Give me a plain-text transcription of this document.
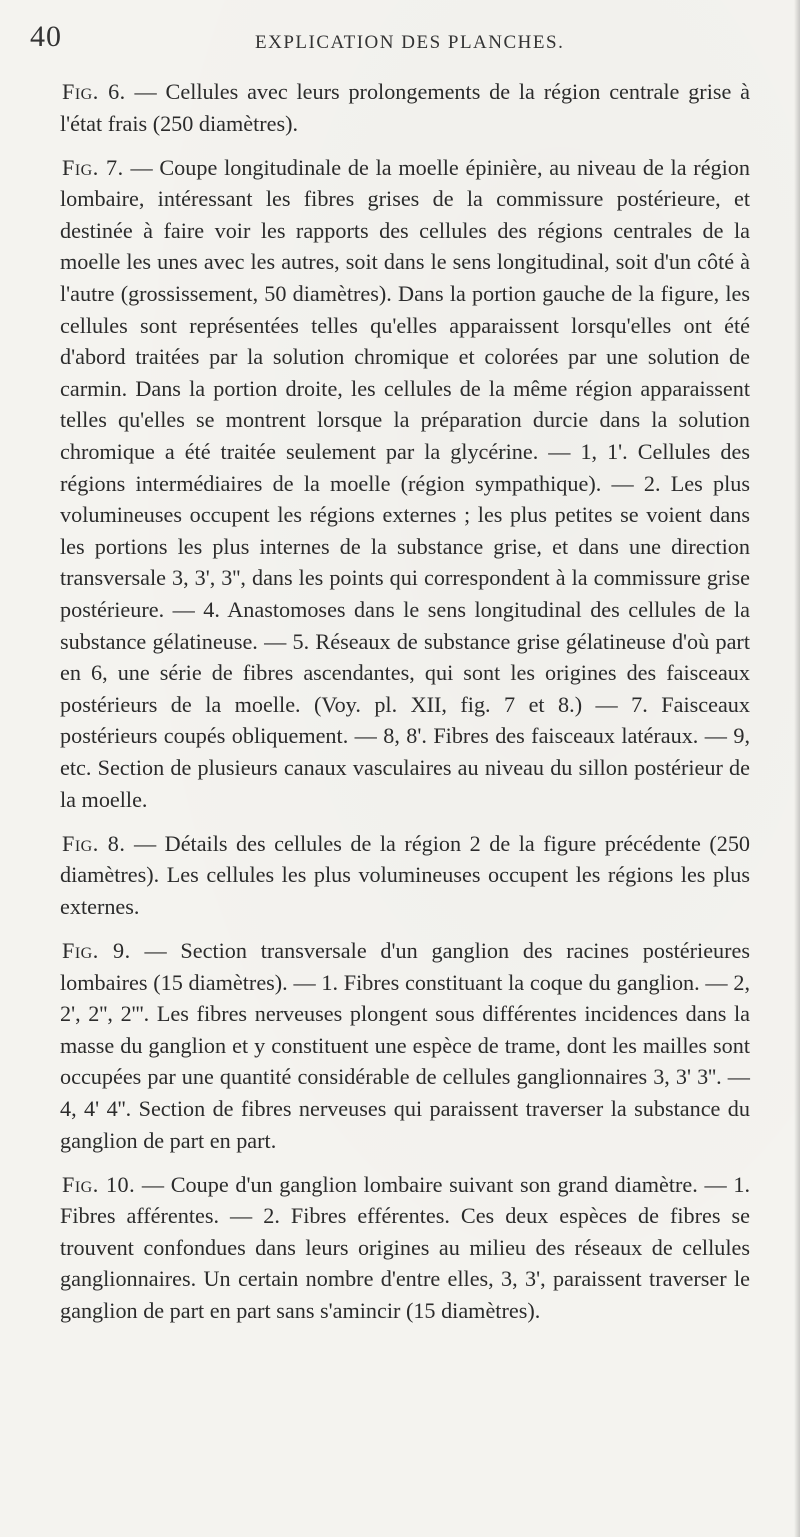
40	EXPLICATION DES PLANCHES.

Fig. 6. — Cellules avec leurs prolongements de la région centrale grise à l'état frais (250 diamètres).

Fig. 7. — Coupe longitudinale de la moelle épinière, au niveau de la région lombaire, intéressant les fibres grises de la commissure postérieure, et destinée à faire voir les rapports des cellules des régions centrales de la moelle les unes avec les autres, soit dans le sens longitudinal, soit d'un côté à l'autre (grossissement, 50 diamètres). Dans la portion gauche de la figure, les cellules sont représentées telles qu'elles apparaissent lorsqu'elles ont été d'abord traitées par la solution chromique et colorées par une solution de carmin. Dans la portion droite, les cellules de la même région apparaissent telles qu'elles se montrent lorsque la préparation durcie dans la solution chromique a été traitée seulement par la glycérine. — 1, 1'. Cellules des régions intermédiaires de la moelle (région sympathique). — 2. Les plus volumineuses occupent les régions externes ; les plus petites se voient dans les portions les plus internes de la substance grise, et dans une direction transversale 3, 3', 3'', dans les points qui correspondent à la commissure grise postérieure. — 4. Anastomoses dans le sens longitudinal des cellules de la substance gélatineuse. — 5. Réseaux de substance grise gélatineuse d'où part en 6, une série de fibres ascendantes, qui sont les origines des faisceaux postérieurs de la moelle. (Voy. pl. XII, fig. 7 et 8.) — 7. Faisceaux postérieurs coupés obliquement. — 8, 8'. Fibres des faisceaux latéraux. — 9, etc. Section de plusieurs canaux vasculaires au niveau du sillon postérieur de la moelle.

Fig. 8. — Détails des cellules de la région 2 de la figure précédente (250 diamètres). Les cellules les plus volumineuses occupent les régions les plus externes.

Fig. 9. — Section transversale d'un ganglion des racines postérieures lombaires (15 diamètres). — 1. Fibres constituant la coque du ganglion. — 2, 2', 2'', 2'''. Les fibres nerveuses plongent sous différentes incidences dans la masse du ganglion et y constituent une espèce de trame, dont les mailles sont occupées par une quantité considérable de cellules ganglionnaires 3, 3' 3''. — 4, 4' 4''. Section de fibres nerveuses qui paraissent traverser la substance du ganglion de part en part.

Fig. 10. — Coupe d'un ganglion lombaire suivant son grand diamètre. — 1. Fibres afférentes. — 2. Fibres efférentes. Ces deux espèces de fibres se trouvent confondues dans leurs origines au milieu des réseaux de cellules ganglionnaires. Un certain nombre d'entre elles, 3, 3', paraissent traverser le ganglion de part en part sans s'amincir (15 diamètres).
